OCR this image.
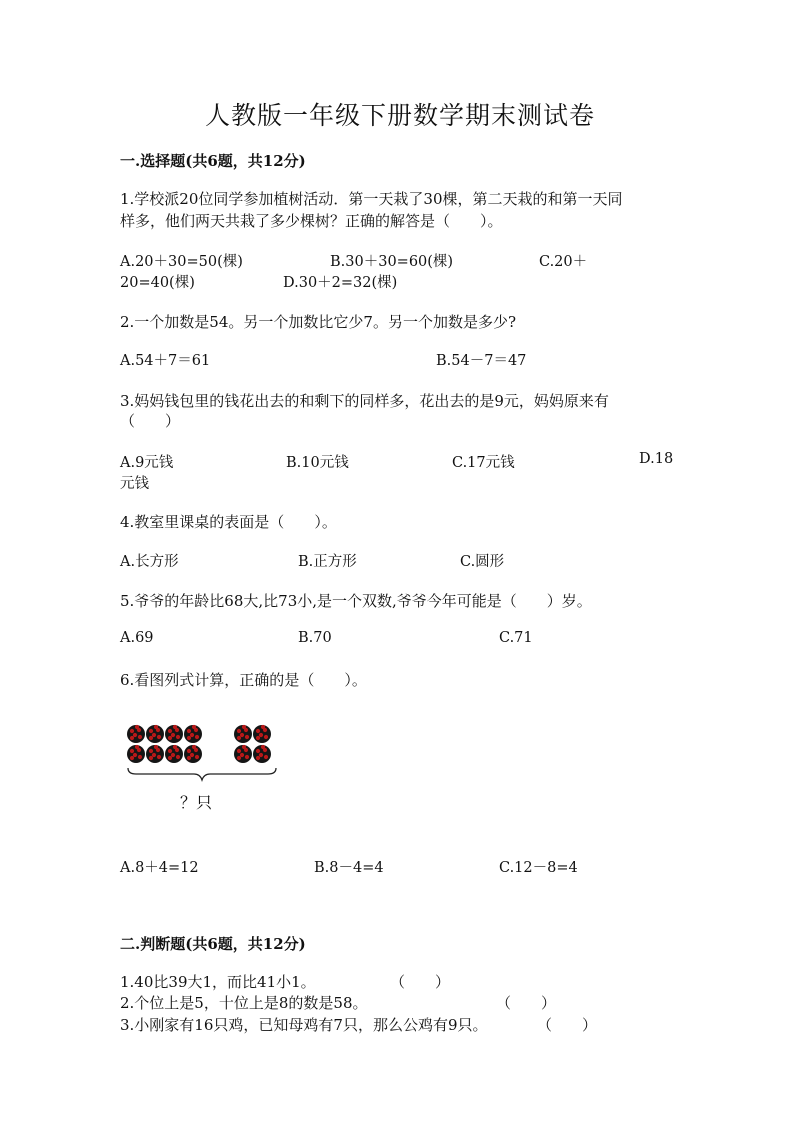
人教版一年级下册数学期末测试卷
一.选择题(共6题，共12分)
1.学校派20位同学参加植树活动．第一天栽了30棵，第二天栽的和第一天同
样多，他们两天共栽了多少棵树？正确的解答是（　　）。
A.20＋30=50(棵)	B.30＋30=60(棵)	C.20＋
20=40(棵)	D.30＋2=32(棵)
2.一个加数是54。另一个加数比它少7。另一个加数是多少?
A.54＋7＝61	B.54－7＝47
3.妈妈钱包里的钱花出去的和剩下的同样多，花出去的是9元，妈妈原来有
（　　）
A.9元钱	B.10元钱	C.17元钱	D.18
元钱
4.教室里课桌的表面是（　　）。
A.长方形	B.正方形	C.圆形
5.爷爷的年龄比68大,比73小,是一个双数,爷爷今年可能是（　　）岁。
A.69	B.70	C.71
6.看图列式计算，正确的是（　　）。
？只
A.8＋4=12	B.8－4=4	C.12－8=4
二.判断题(共6题，共12分)
1.40比39大1，而比41小1。	（　　）
2.个位上是5，十位上是8的数是58。	（　　）
3.小刚家有16只鸡，已知母鸡有7只，那么公鸡有9只。	（　　）
